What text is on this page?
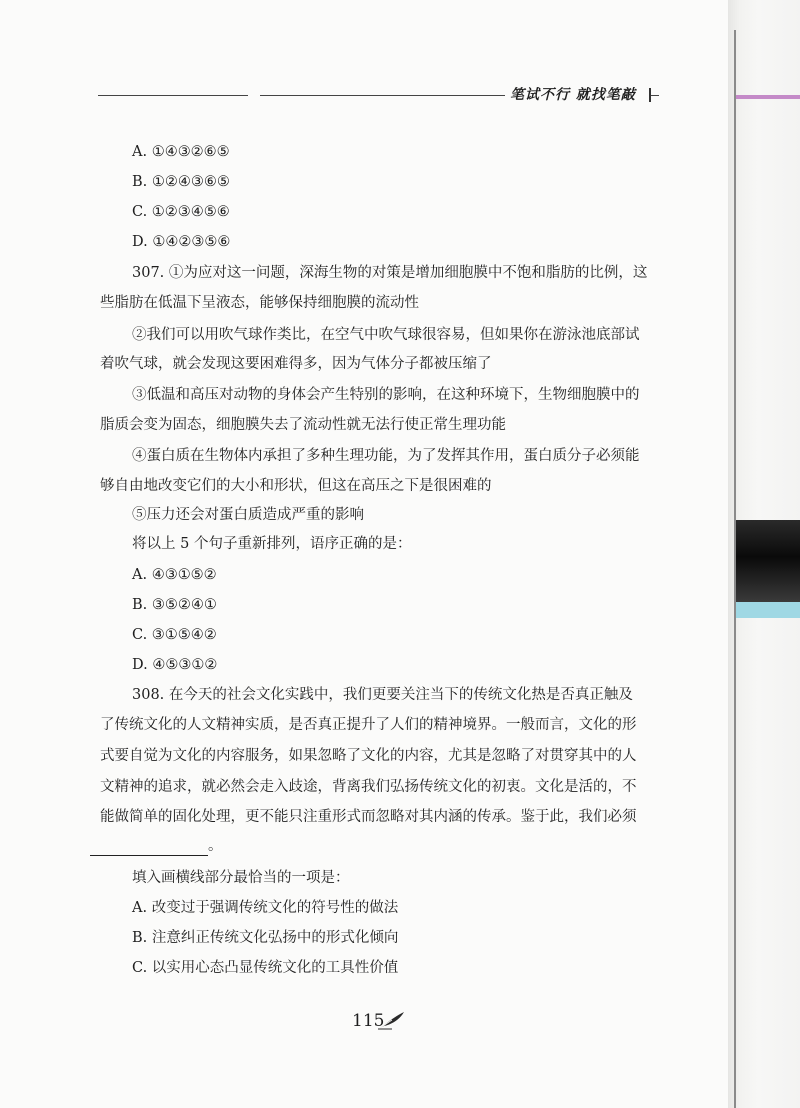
笔试不行 就找笔敲
A. ①④③②⑥⑤
B. ①②④③⑥⑤
C. ①②③④⑤⑥
D. ①④②③⑤⑥
307. ①为应对这一问题，深海生物的对策是增加细胞膜中不饱和脂肪的比例，这
些脂肪在低温下呈液态，能够保持细胞膜的流动性
②我们可以用吹气球作类比，在空气中吹气球很容易，但如果你在游泳池底部试
着吹气球，就会发现这要困难得多，因为气体分子都被压缩了
③低温和高压对动物的身体会产生特别的影响，在这种环境下，生物细胞膜中的
脂质会变为固态，细胞膜失去了流动性就无法行使正常生理功能
④蛋白质在生物体内承担了多种生理功能，为了发挥其作用，蛋白质分子必须能
够自由地改变它们的大小和形状，但这在高压之下是很困难的
⑤压力还会对蛋白质造成严重的影响
将以上 5 个句子重新排列，语序正确的是：
A. ④③①⑤②
B. ③⑤②④①
C. ③①⑤④②
D. ④⑤③①②
308. 在今天的社会文化实践中，我们更要关注当下的传统文化热是否真正触及
了传统文化的人文精神实质，是否真正提升了人们的精神境界。一般而言，文化的形
式要自觉为文化的内容服务，如果忽略了文化的内容，尤其是忽略了对贯穿其中的人
文精神的追求，就必然会走入歧途，背离我们弘扬传统文化的初衷。文化是活的，不
能做简单的固化处理，更不能只注重形式而忽略对其内涵的传承。鉴于此，我们必须
。
填入画横线部分最恰当的一项是：
A. 改变过于强调传统文化的符号性的做法
B. 注意纠正传统文化弘扬中的形式化倾向
C. 以实用心态凸显传统文化的工具性价值
115
